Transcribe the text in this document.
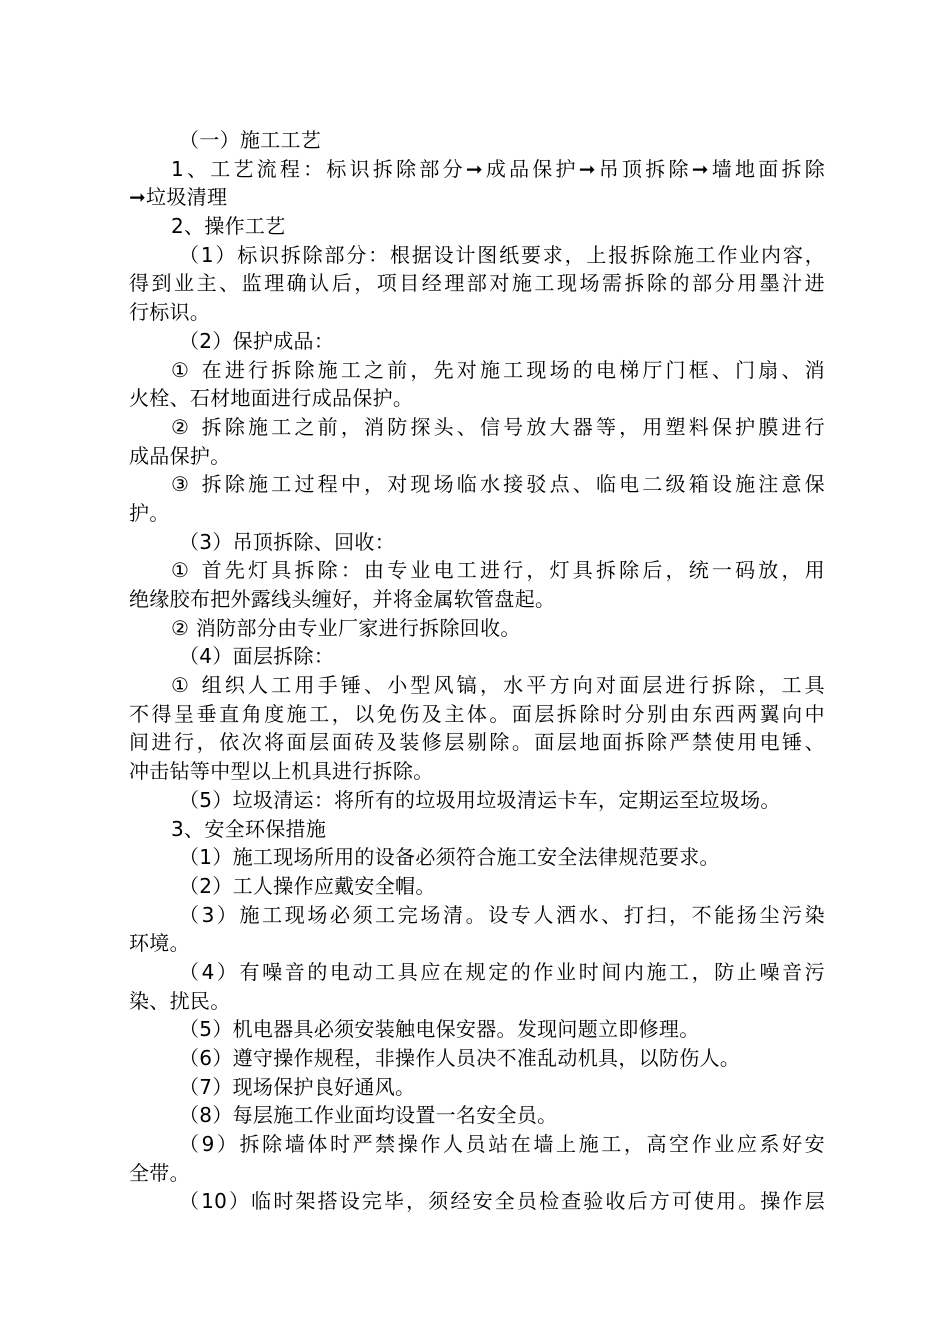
（一）施工工艺
1、工艺流程：标识拆除部分➞成品保护➞吊顶拆除➞墙地面拆除
➞垃圾清理
2、操作工艺
（1）标识拆除部分：根据设计图纸要求，上报拆除施工作业内容，
得到业主、监理确认后，项目经理部对施工现场需拆除的部分用墨汁进
行标识。
（2）保护成品：
① 在进行拆除施工之前，先对施工现场的电梯厅门框、门扇、消
火栓、石材地面进行成品保护。
② 拆除施工之前，消防探头、信号放大器等，用塑料保护膜进行
成品保护。
③ 拆除施工过程中，对现场临水接驳点、临电二级箱设施注意保
护。
（3）吊顶拆除、回收：
① 首先灯具拆除：由专业电工进行，灯具拆除后，统一码放，用
绝缘胶布把外露线头缠好，并将金属软管盘起。
② 消防部分由专业厂家进行拆除回收。
（4）面层拆除：
① 组织人工用手锤、小型风镐，水平方向对面层进行拆除，工具
不得呈垂直角度施工，以免伤及主体。面层拆除时分别由东西两翼向中
间进行，依次将面层面砖及装修层剔除。面层地面拆除严禁使用电锤、
冲击钻等中型以上机具进行拆除。
（5）垃圾清运：将所有的垃圾用垃圾清运卡车，定期运至垃圾场。
3、安全环保措施
（1）施工现场所用的设备必须符合施工安全法律规范要求。
（2）工人操作应戴安全帽。
（3）施工现场必须工完场清。设专人洒水、打扫，不能扬尘污染
环境。
（4）有噪音的电动工具应在规定的作业时间内施工，防止噪音污
染、扰民。
（5）机电器具必须安装触电保安器。发现问题立即修理。
（6）遵守操作规程，非操作人员决不准乱动机具，以防伤人。
（7）现场保护良好通风。
（8）每层施工作业面均设置一名安全员。
（9）拆除墙体时严禁操作人员站在墙上施工，高空作业应系好安
全带。
（10）临时架搭设完毕，须经安全员检查验收后方可使用。操作层
